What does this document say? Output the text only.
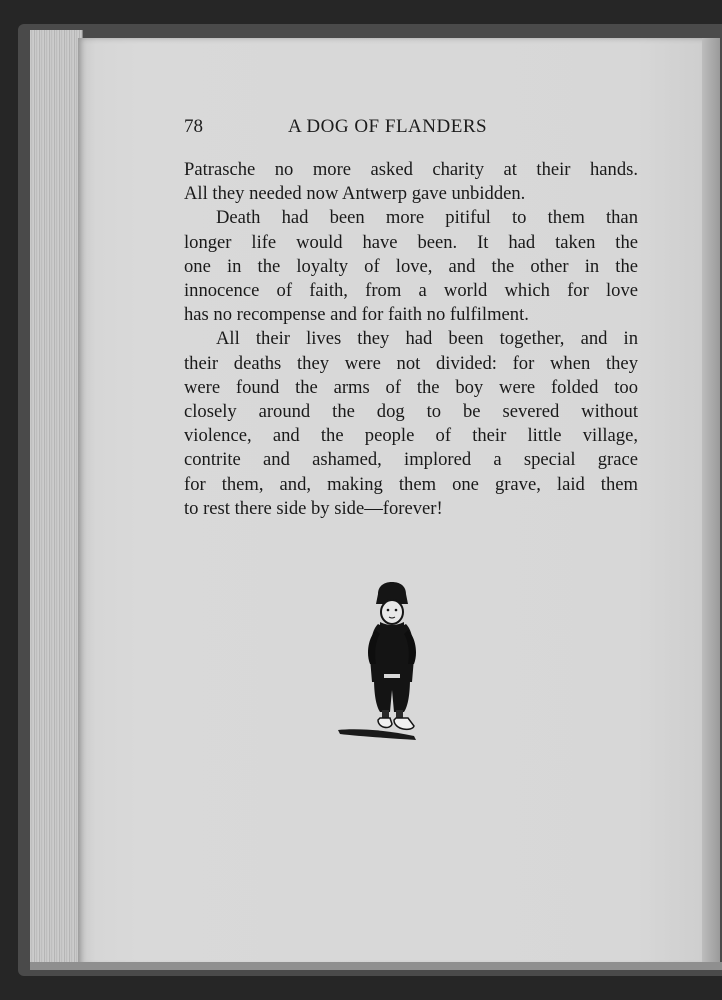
78	A DOG OF FLANDERS
Patrasche no more asked charity at their hands.
All they needed now Antwerp gave unbidden.
Death had been more pitiful to them than
longer life would have been. It had taken the
one in the loyalty of love, and the other in the
innocence of faith, from a world which for love
has no recompense and for faith no fulfilment.
All their lives they had been together, and in
their deaths they were not divided: for when they
were found the arms of the boy were folded too
closely around the dog to be severed without
violence, and the people of their little village,
contrite and ashamed, implored a special grace
for them, and, making them one grave, laid them
to rest there side by side—forever!
